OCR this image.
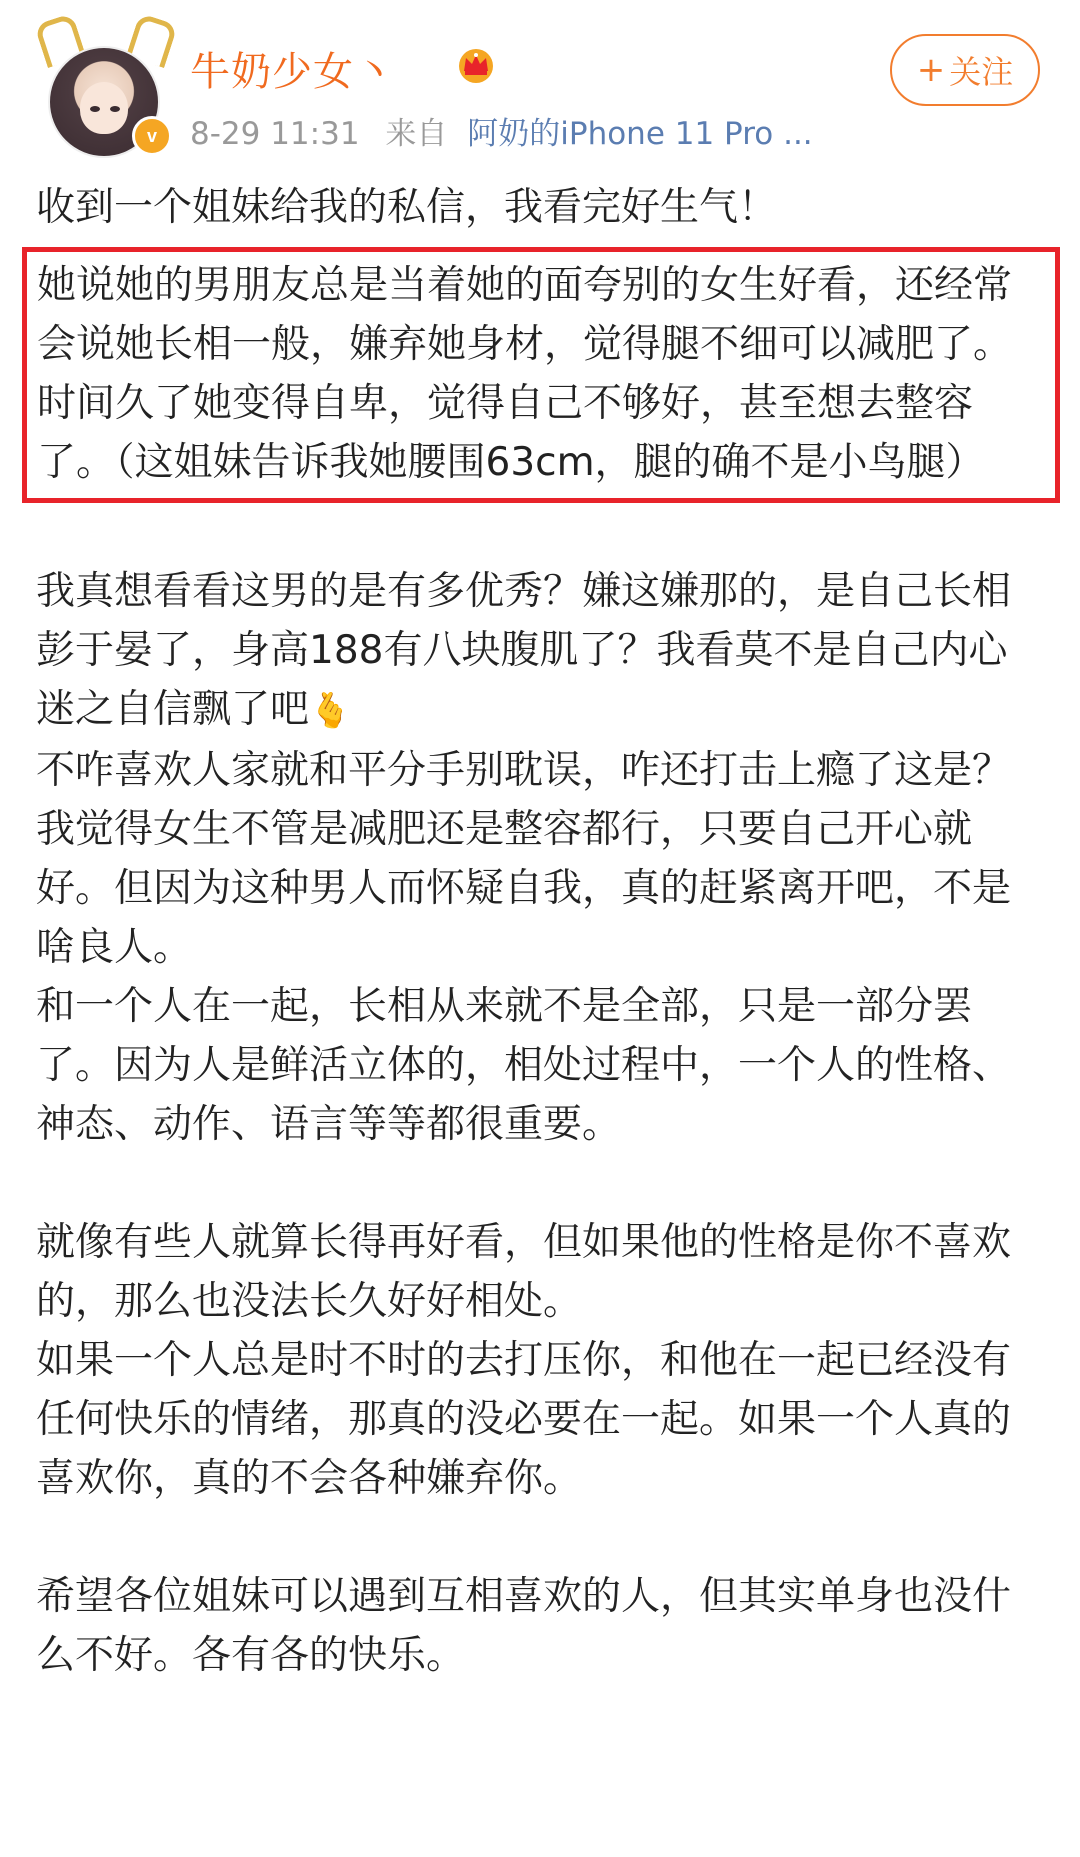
v
牛奶少女丶
8-29 11:31 来自 阿奶的iPhone 11 Pro ...
+ 关注

收到一个姐妹给我的私信，我看完好生气！

她说她的男朋友总是当着她的面夸别的女生好看，还经常会说她长相一般，嫌弃她身材，觉得腿不细可以减肥了。时间久了她变得自卑，觉得自己不够好，甚至想去整容了。（这姐妹告诉我她腰围63cm，腿的确不是小鸟腿）

我真想看看这男的是有多优秀？嫌这嫌那的，是自己长相彭于晏了，身高188有八块腹肌了？我看莫不是自己内心迷之自信飘了吧🫰

不咋喜欢人家就和平分手别耽误，咋还打击上瘾了这是？

我觉得女生不管是减肥还是整容都行，只要自己开心就好。但因为这种男人而怀疑自我，真的赶紧离开吧，不是啥良人。

和一个人在一起，长相从来就不是全部，只是一部分罢了。因为人是鲜活立体的，相处过程中，一个人的性格、神态、动作、语言等等都很重要。

就像有些人就算长得再好看，但如果他的性格是你不喜欢的，那么也没法长久好好相处。

如果一个人总是时不时的去打压你，和他在一起已经没有任何快乐的情绪，那真的没必要在一起。如果一个人真的喜欢你，真的不会各种嫌弃你。

希望各位姐妹可以遇到互相喜欢的人，但其实单身也没什么不好。各有各的快乐。
